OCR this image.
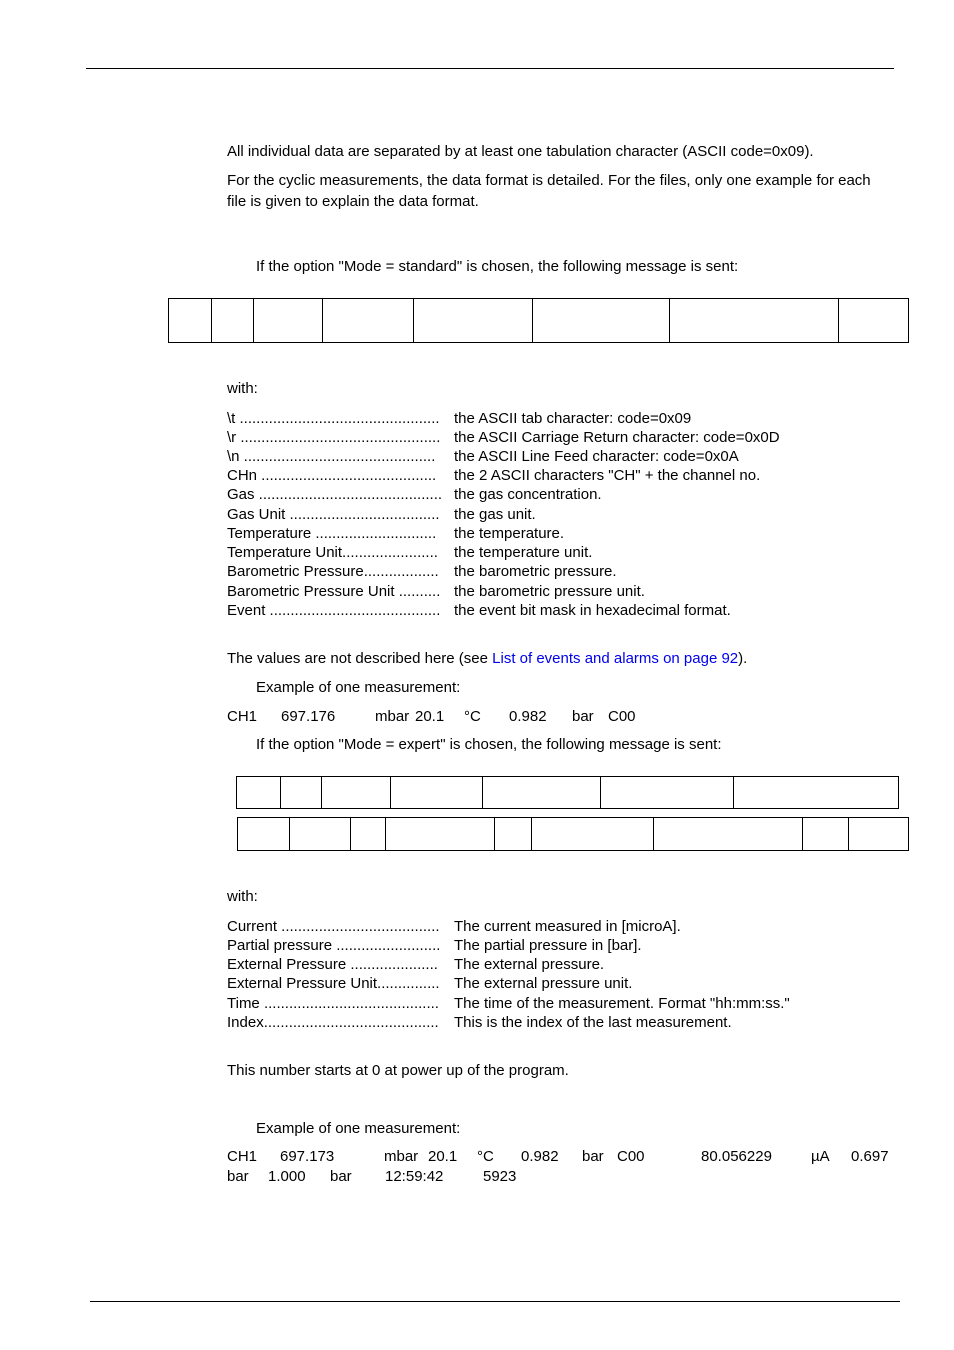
All individual data are separated by at least one tabulation character (ASCII code=0x09).
For the cyclic measurements, the data format is detailed. For the files, only one example for each file is given to explain the data format.
If the option "Mode = standard" is chosen, the following message is sent:
with:
\t ................................................ the ASCII tab character: code=0x09
\r ................................................ the ASCII Carriage Return character: code=0x0D
\n .............................................. the ASCII Line Feed character: code=0x0A
CHn .......................................... the 2 ASCII characters "CH" + the channel no.
Gas ............................................ the gas concentration.
Gas Unit .................................... the gas unit.
Temperature ............................. the temperature.
Temperature Unit....................... the temperature unit.
Barometric Pressure.................. the barometric pressure.
Barometric Pressure Unit .......... the barometric pressure unit.
Event ......................................... the event bit mask in hexadecimal format.
The values are not described here (see List of events and alarms on page 92).
Example of one measurement:
CH1 697.176	mbar 20.1 °C 0.982 bar C00
If the option "Mode = expert" is chosen, the following message is sent:
with:
Current ...................................... The current measured in [microA].
Partial pressure ......................... The partial pressure in [bar].
External Pressure ..................... The external pressure.
External Pressure Unit............... The external pressure unit.
Time .......................................... The time of the measurement. Format "hh:mm:ss."
Index.......................................... This is the index of the last measurement.
This number starts at 0 at power up of the program.
Example of one measurement:
CH1 697.173	mbar 20.1 °C 0.982 bar C00	80.056229	µA 0.697
bar 1.000 bar 12:59:42	5923
